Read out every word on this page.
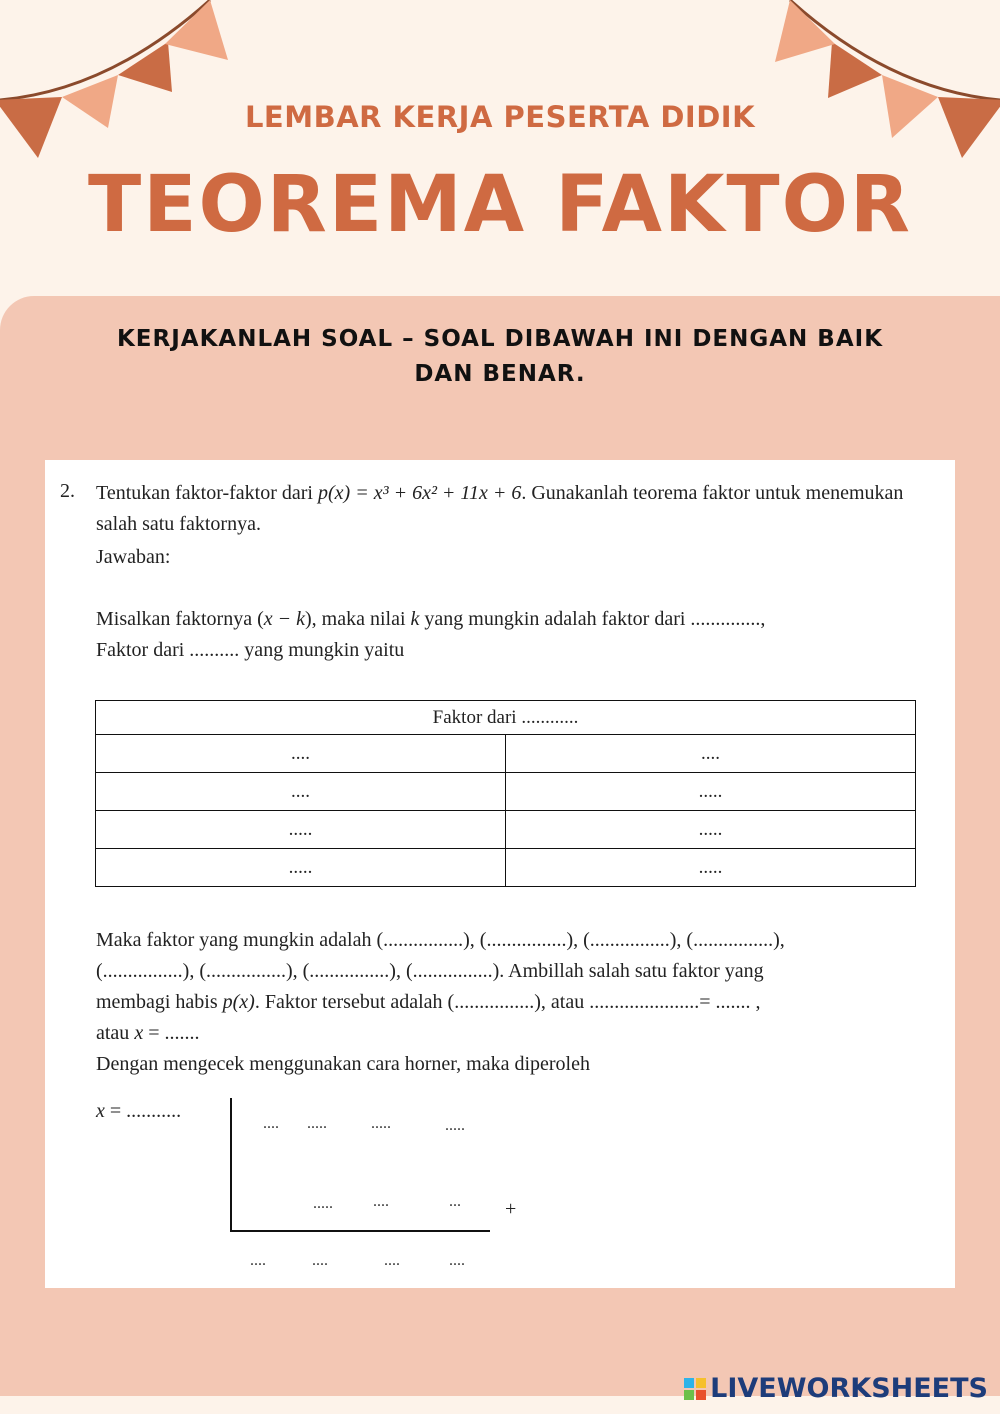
LEMBAR KERJA PESERTA DIDIK
TEOREMA FAKTOR
KERJAKANLAH SOAL – SOAL DIBAWAH INI DENGAN BAIK
DAN BENAR.
2. Tentukan faktor-faktor dari p(x) = x³ + 6x² + 11x + 6. Gunakanlah teorema faktor untuk menemukan salah satu faktornya.
Jawaban:
Misalkan faktornya (x − k), maka nilai k yang mungkin adalah faktor dari ..............,
Faktor dari .......... yang mungkin yaitu
Faktor dari ............	
....	....
....	.....
.....	.....
.....	.....
Maka faktor yang mungkin adalah (................), (................), (................), (................),
(................), (................), (................), (................). Ambillah salah satu faktor yang
membagi habis p(x). Faktor tersebut adalah (................), atau ......................= ....... ,
atau x = .......
Dengan mengecek menggunakan cara horner, maka diperoleh
x = ...........
.... .....	.....	.....
.....	....	... +
....	....	....	....
LIVEWORKSHEETS
